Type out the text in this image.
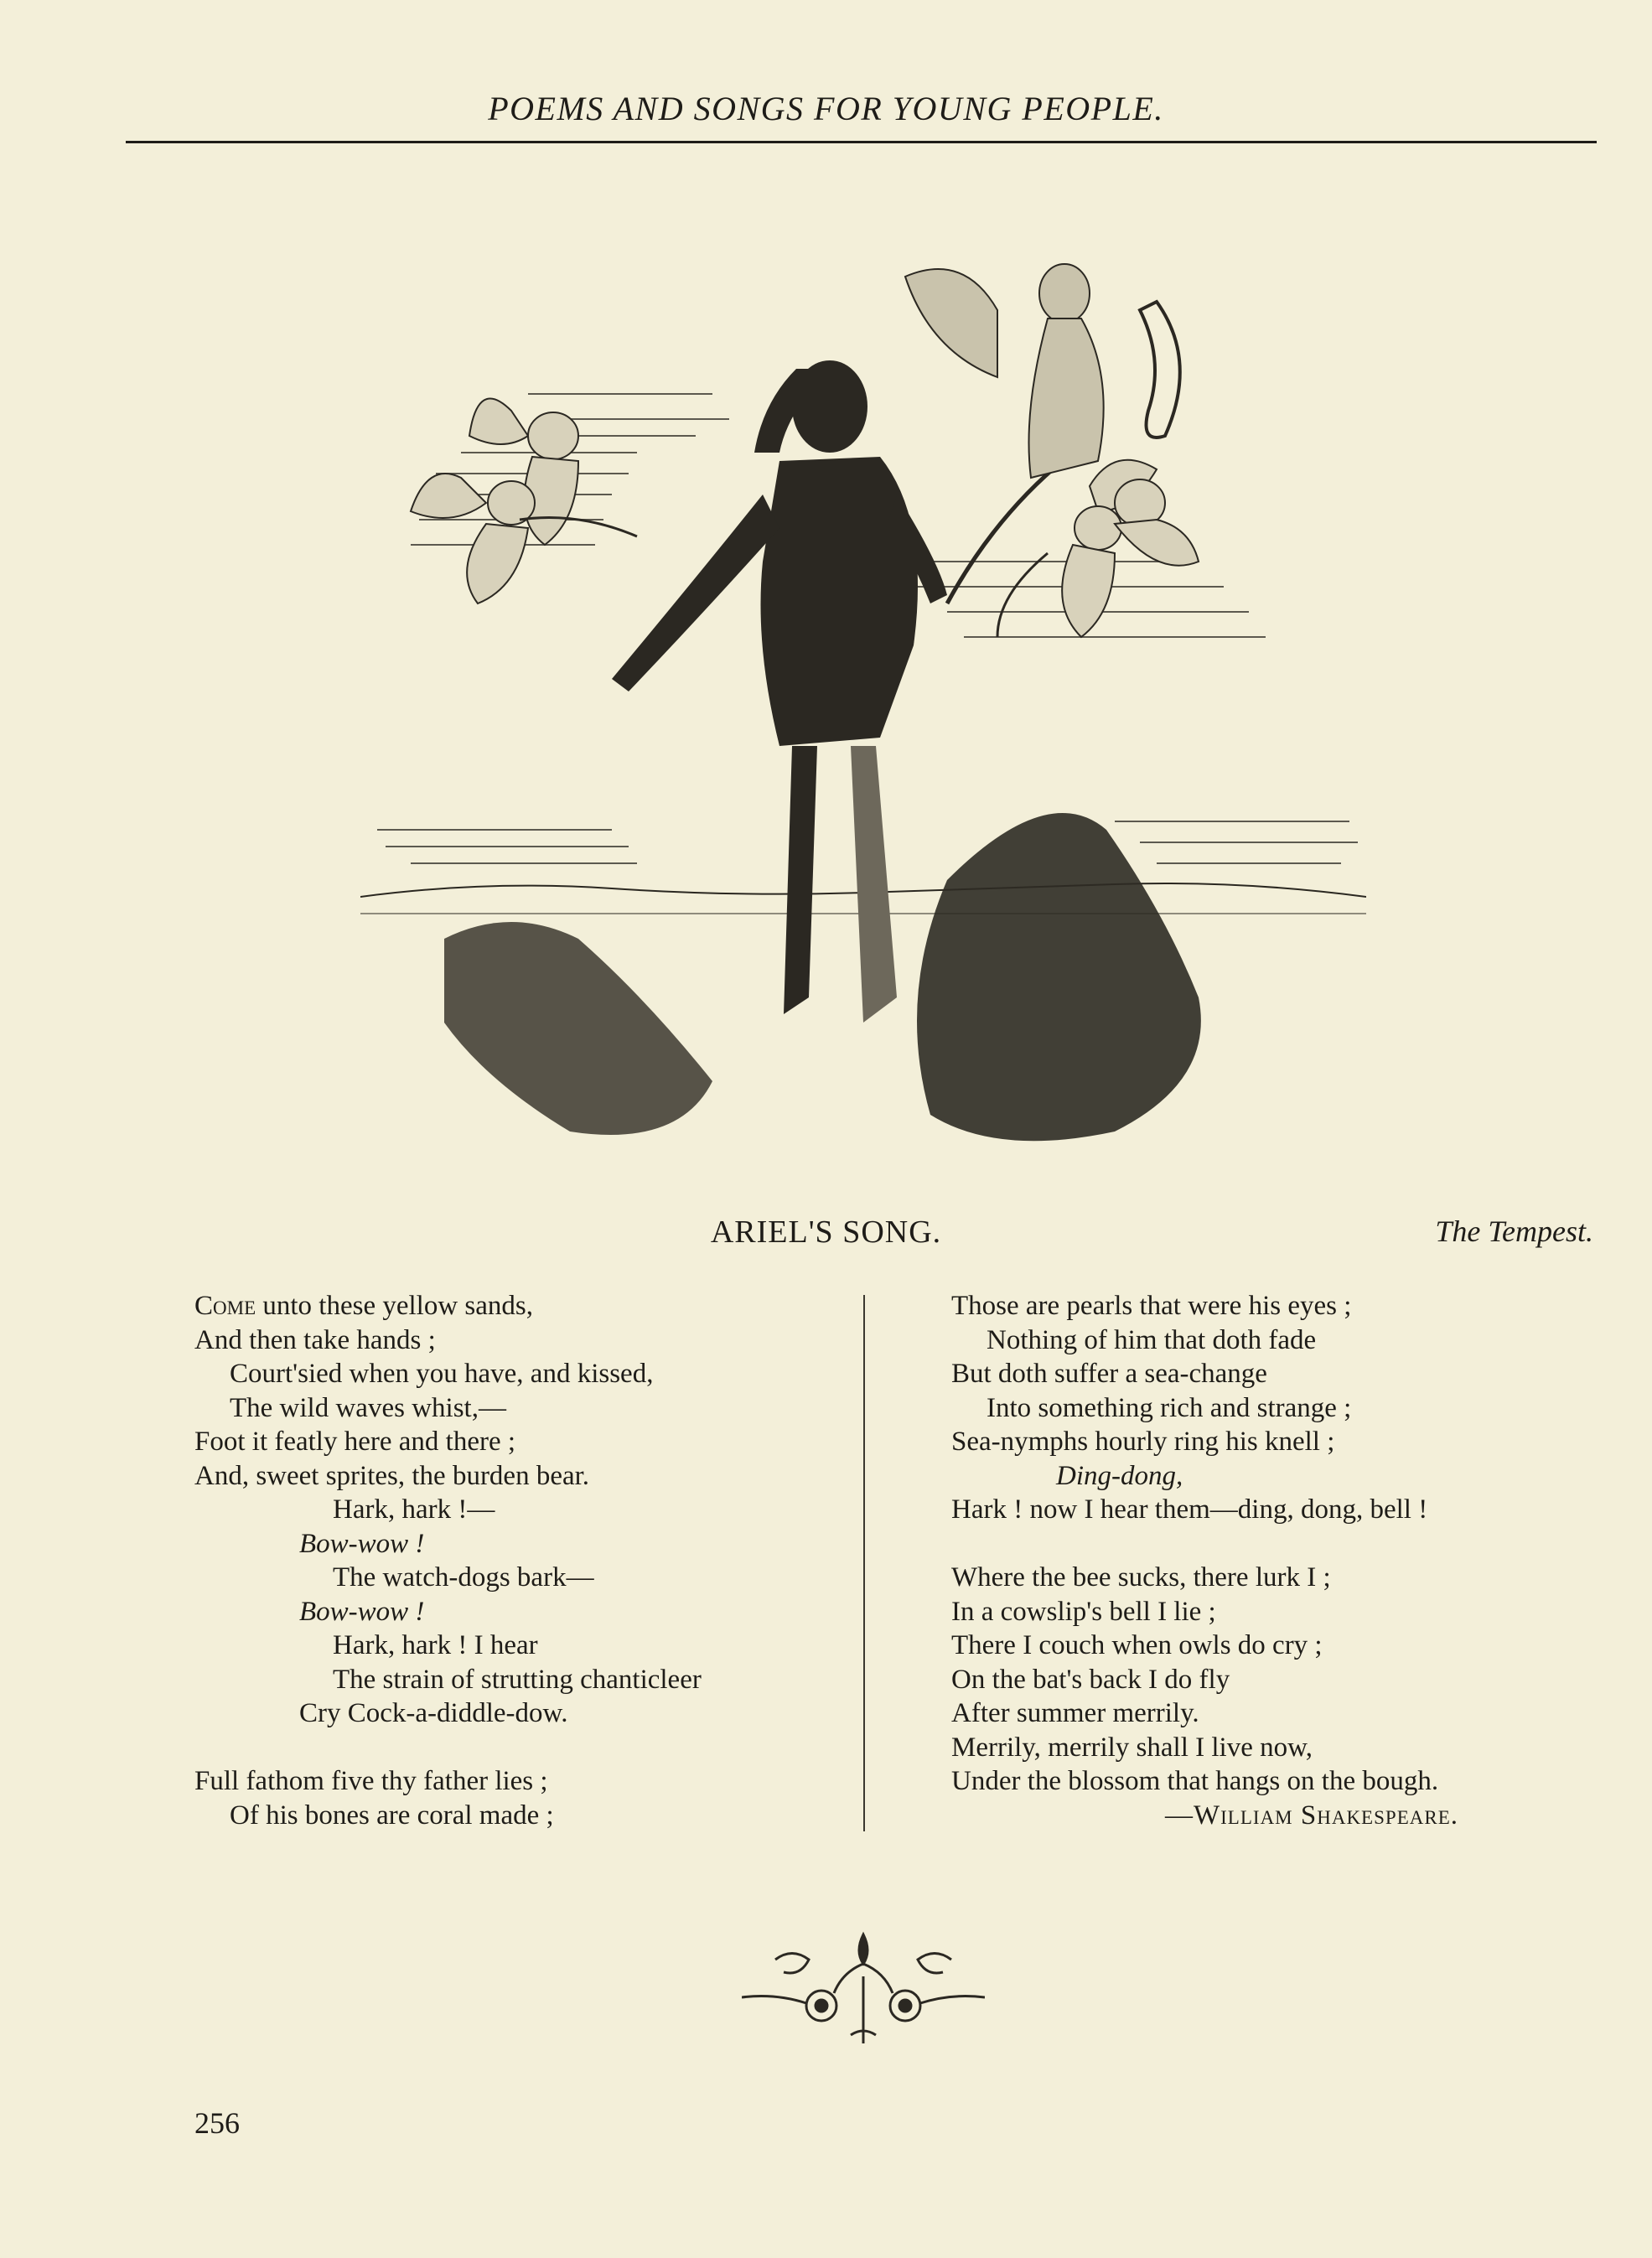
POEMS AND SONGS FOR YOUNG PEOPLE.
ARIEL'S SONG.	The Tempest.
Come unto these yellow sands,
And then take hands ;
Court'sied when you have, and kissed,
The wild waves whist,—
Foot it featly here and there ;
And, sweet sprites, the burden bear.
Hark, hark !—
Bow-wow !
The watch-dogs bark—
Bow-wow !
Hark, hark ! I hear
The strain of strutting chanticleer
Cry Cock-a-diddle-dow.
Full fathom five thy father lies ;
Of his bones are coral made ;
Those are pearls that were his eyes ;
Nothing of him that doth fade
But doth suffer a sea-change
Into something rich and strange ;
Sea-nymphs hourly ring his knell ;
Ding-dong,
Hark ! now I hear them—ding, dong, bell !
Where the bee sucks, there lurk I ;
In a cowslip's bell I lie ;
There I couch when owls do cry ;
On the bat's back I do fly
After summer merrily.
Merrily, merrily shall I live now,
Under the blossom that hangs on the bough.
—William Shakespeare.
256
